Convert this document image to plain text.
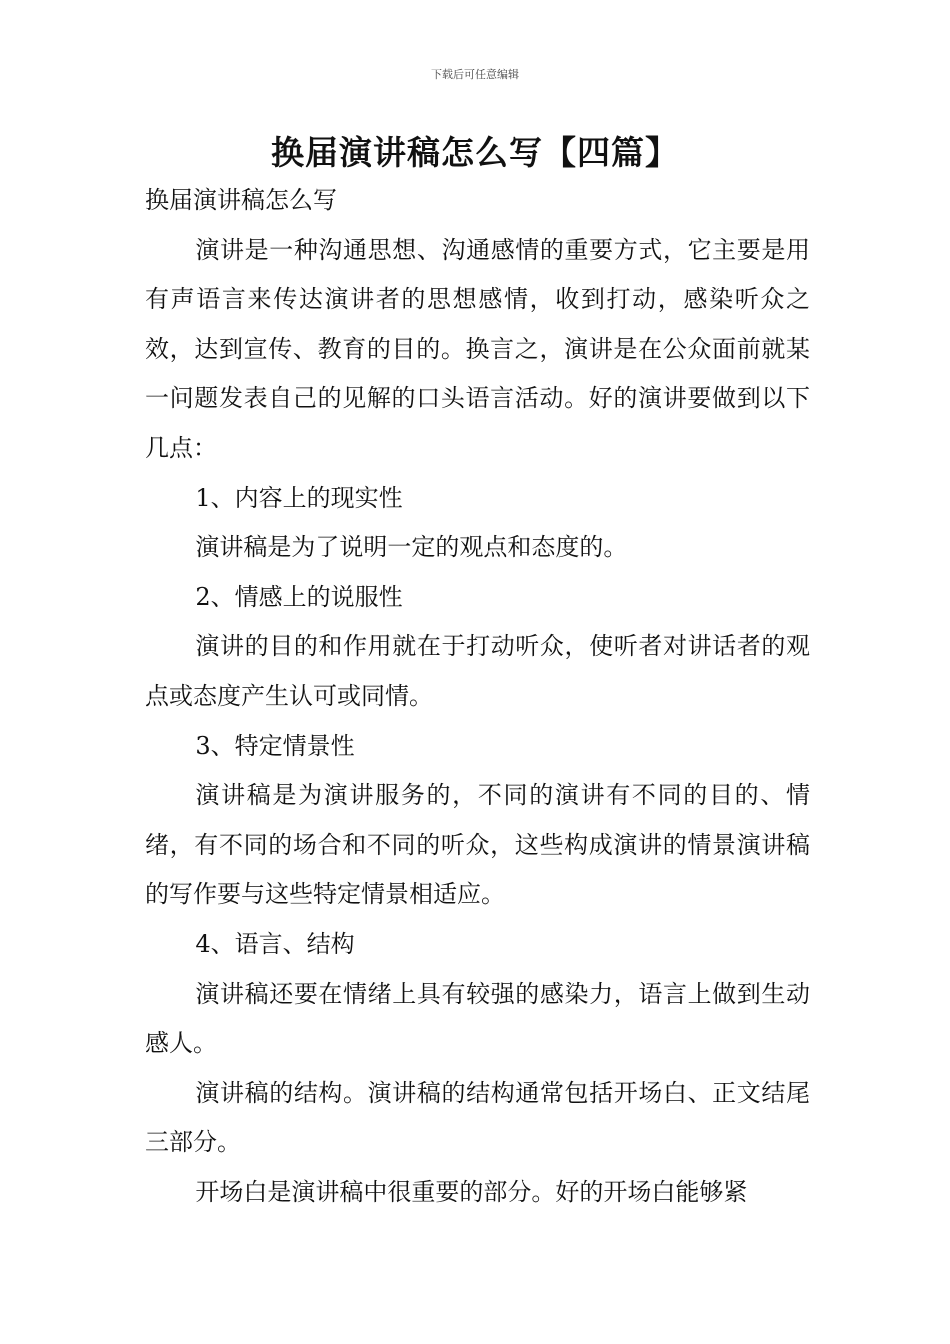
下载后可任意编辑
换届演讲稿怎么写【四篇】

换届演讲稿怎么写

演讲是一种沟通思想、沟通感情的重要方式，它主要是用有声语言来传达演讲者的思想感情，收到打动，感染听众之效，达到宣传、教育的目的。换言之，演讲是在公众面前就某一问题发表自己的见解的口头语言活动。好的演讲要做到以下几点：

1、内容上的现实性

演讲稿是为了说明一定的观点和态度的。

2、情感上的说服性

演讲的目的和作用就在于打动听众，使听者对讲话者的观点或态度产生认可或同情。

3、特定情景性

演讲稿是为演讲服务的，不同的演讲有不同的目的、情绪，有不同的场合和不同的听众，这些构成演讲的情景演讲稿的写作要与这些特定情景相适应。

4、语言、结构

演讲稿还要在情绪上具有较强的感染力，语言上做到生动感人。

演讲稿的结构。演讲稿的结构通常包括开场白、正文结尾三部分。

开场白是演讲稿中很重要的部分。好的开场白能够紧
